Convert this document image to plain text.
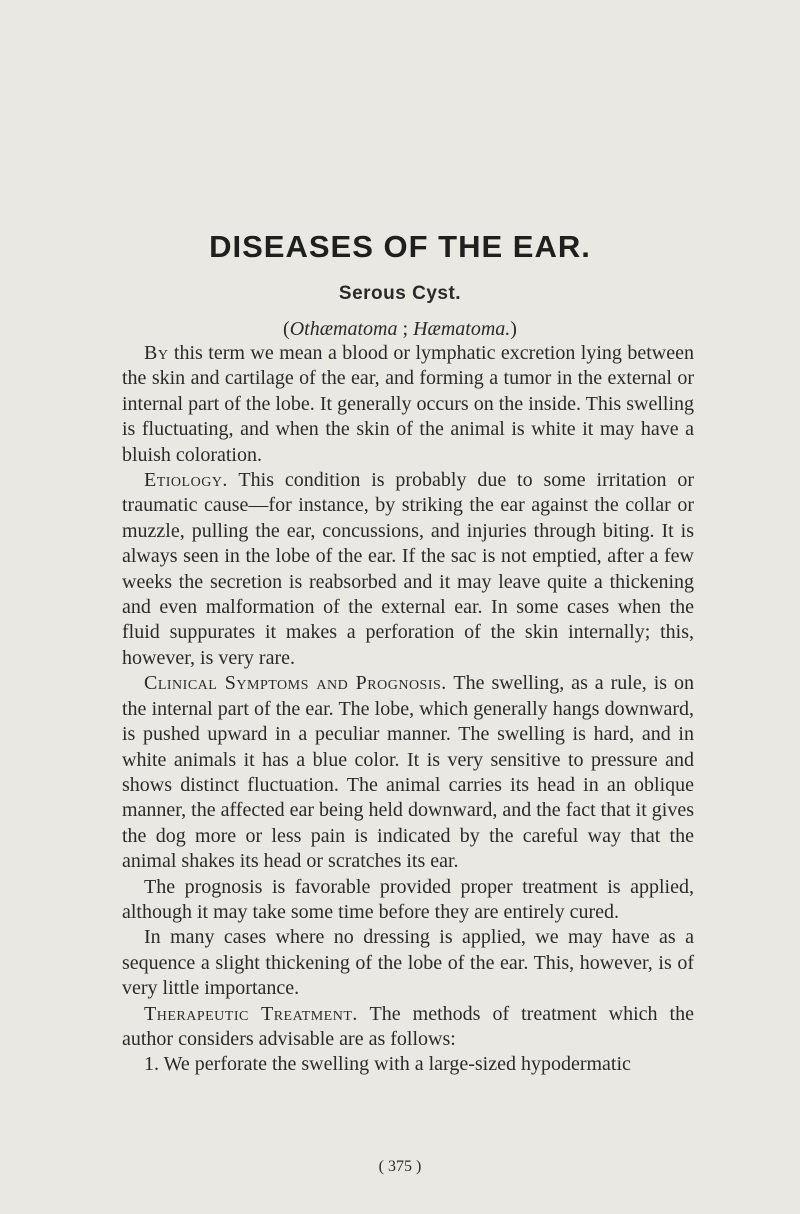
DISEASES OF THE EAR.
Serous Cyst.
(Othæmatoma ; Hæmatoma.)

By this term we mean a blood or lymphatic excretion lying between the skin and cartilage of the ear, and forming a tumor in the external or internal part of the lobe. It generally occurs on the inside. This swelling is fluctuating, and when the skin of the animal is white it may have a bluish coloration.

Etiology. This condition is probably due to some irritation or traumatic cause—for instance, by striking the ear against the collar or muzzle, pulling the ear, concussions, and injuries through biting. It is always seen in the lobe of the ear. If the sac is not emptied, after a few weeks the secretion is reabsorbed and it may leave quite a thickening and even malformation of the external ear. In some cases when the fluid suppurates it makes a perforation of the skin internally; this, however, is very rare.

Clinical Symptoms and Prognosis. The swelling, as a rule, is on the internal part of the ear. The lobe, which generally hangs downward, is pushed upward in a peculiar manner. The swelling is hard, and in white animals it has a blue color. It is very sensitive to pressure and shows distinct fluctuation. The animal carries its head in an oblique manner, the affected ear being held downward, and the fact that it gives the dog more or less pain is indicated by the careful way that the animal shakes its head or scratches its ear.

The prognosis is favorable provided proper treatment is applied, although it may take some time before they are entirely cured.

In many cases where no dressing is applied, we may have as a sequence a slight thickening of the lobe of the ear. This, however, is of very little importance.

Therapeutic Treatment. The methods of treatment which the author considers advisable are as follows:

1. We perforate the swelling with a large-sized hypodermatic

( 375 )
